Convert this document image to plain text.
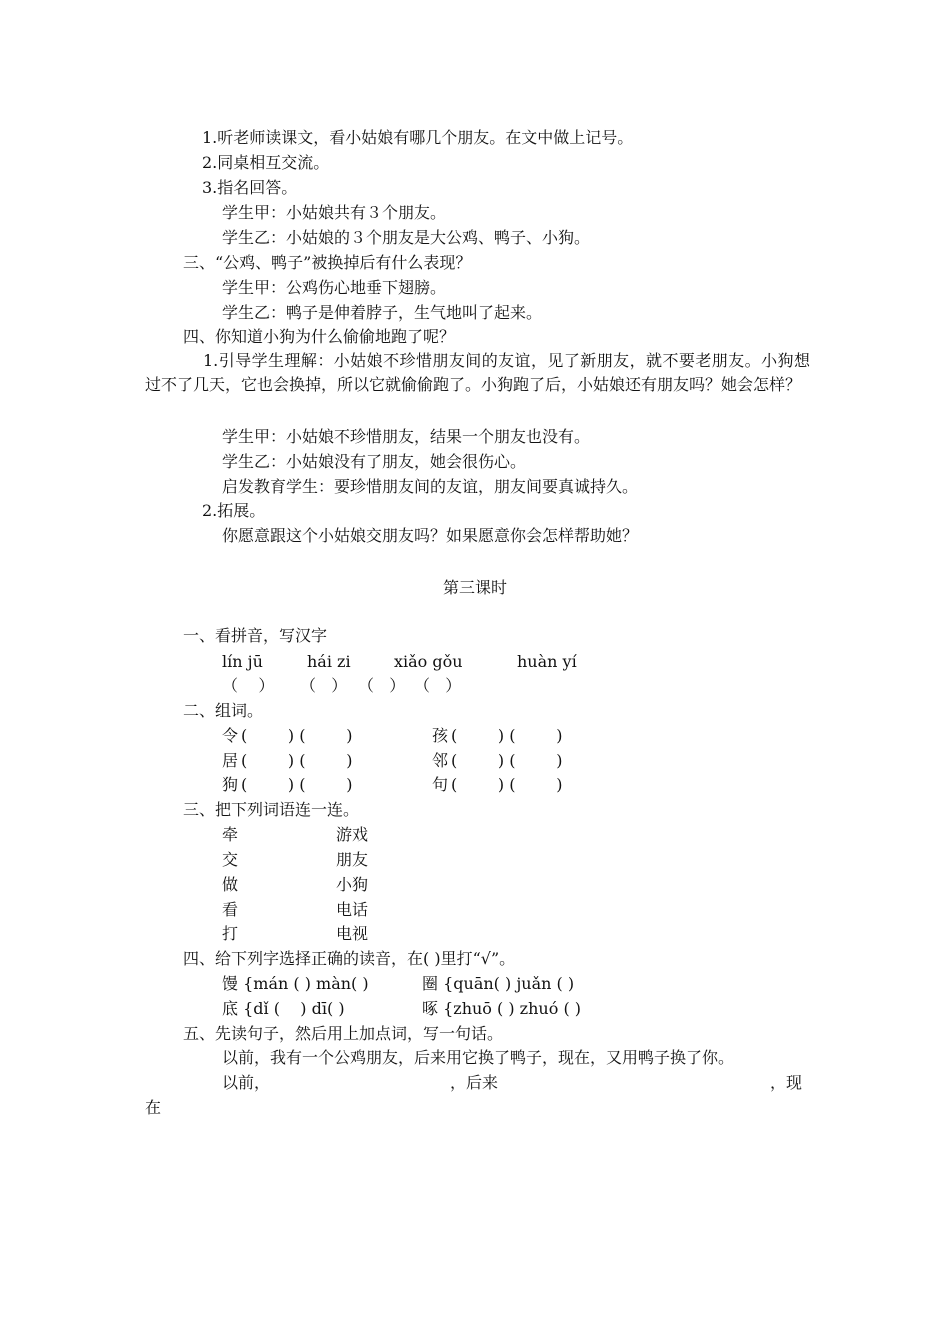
1.听老师读课文，看小姑娘有哪几个朋友。在文中做上记号。
2.同桌相互交流。
3.指名回答。
学生甲：小姑娘共有３个朋友。
学生乙：小姑娘的３个朋友是大公鸡、鸭子、小狗。
三、“公鸡、鸭子”被换掉后有什么表现？
学生甲：公鸡伤心地垂下翅膀。
学生乙：鸭子是伸着脖子，生气地叫了起来。
四、你知道小狗为什么偷偷地跑了呢？
1.引导学生理解：小姑娘不珍惜朋友间的友谊，见了新朋友，就不要老朋友。小狗想过不了几天，它也会换掉，所以它就偷偷跑了。小狗跑了后，小姑娘还有朋友吗？她会怎样？
学生甲：小姑娘不珍惜朋友，结果一个朋友也没有。
学生乙：小姑娘没有了朋友，她会很伤心。
启发教育学生：要珍惜朋友间的友谊，朋友间要真诚持久。
2.拓展。
你愿意跟这个小姑娘交朋友吗？如果愿意你会怎样帮助她？
第三课时
一、看拼音，写汉字
lín jū	hái zi	xiǎo gǒu	huàn yí
（    ） （   ） （   ） （   ）
二、组词。
令 (        ) (        )	孩 (        ) (        )
居 (        ) (        )	邻 (        ) (        )
狗 (        ) (        )	句 (        ) (        )
三、把下列词语连一连。
牵	游戏
交	朋友
做	小狗
看	电话
打	电视
四、给下列字选择正确的读音，在( )里打“√”。
馒 {mán ( ) màn( )	圈 {quān( ) juǎn ( )
底 {dǐ (    ) dī( )	啄 {zhuō ( ) zhuó ( )
五、先读句子，然后用上加点词，写一句话。
以前，我有一个公鸡朋友，后来用它换了鸭子，现在，又用鸭子换了你。
以前，	，后来	，现
在
